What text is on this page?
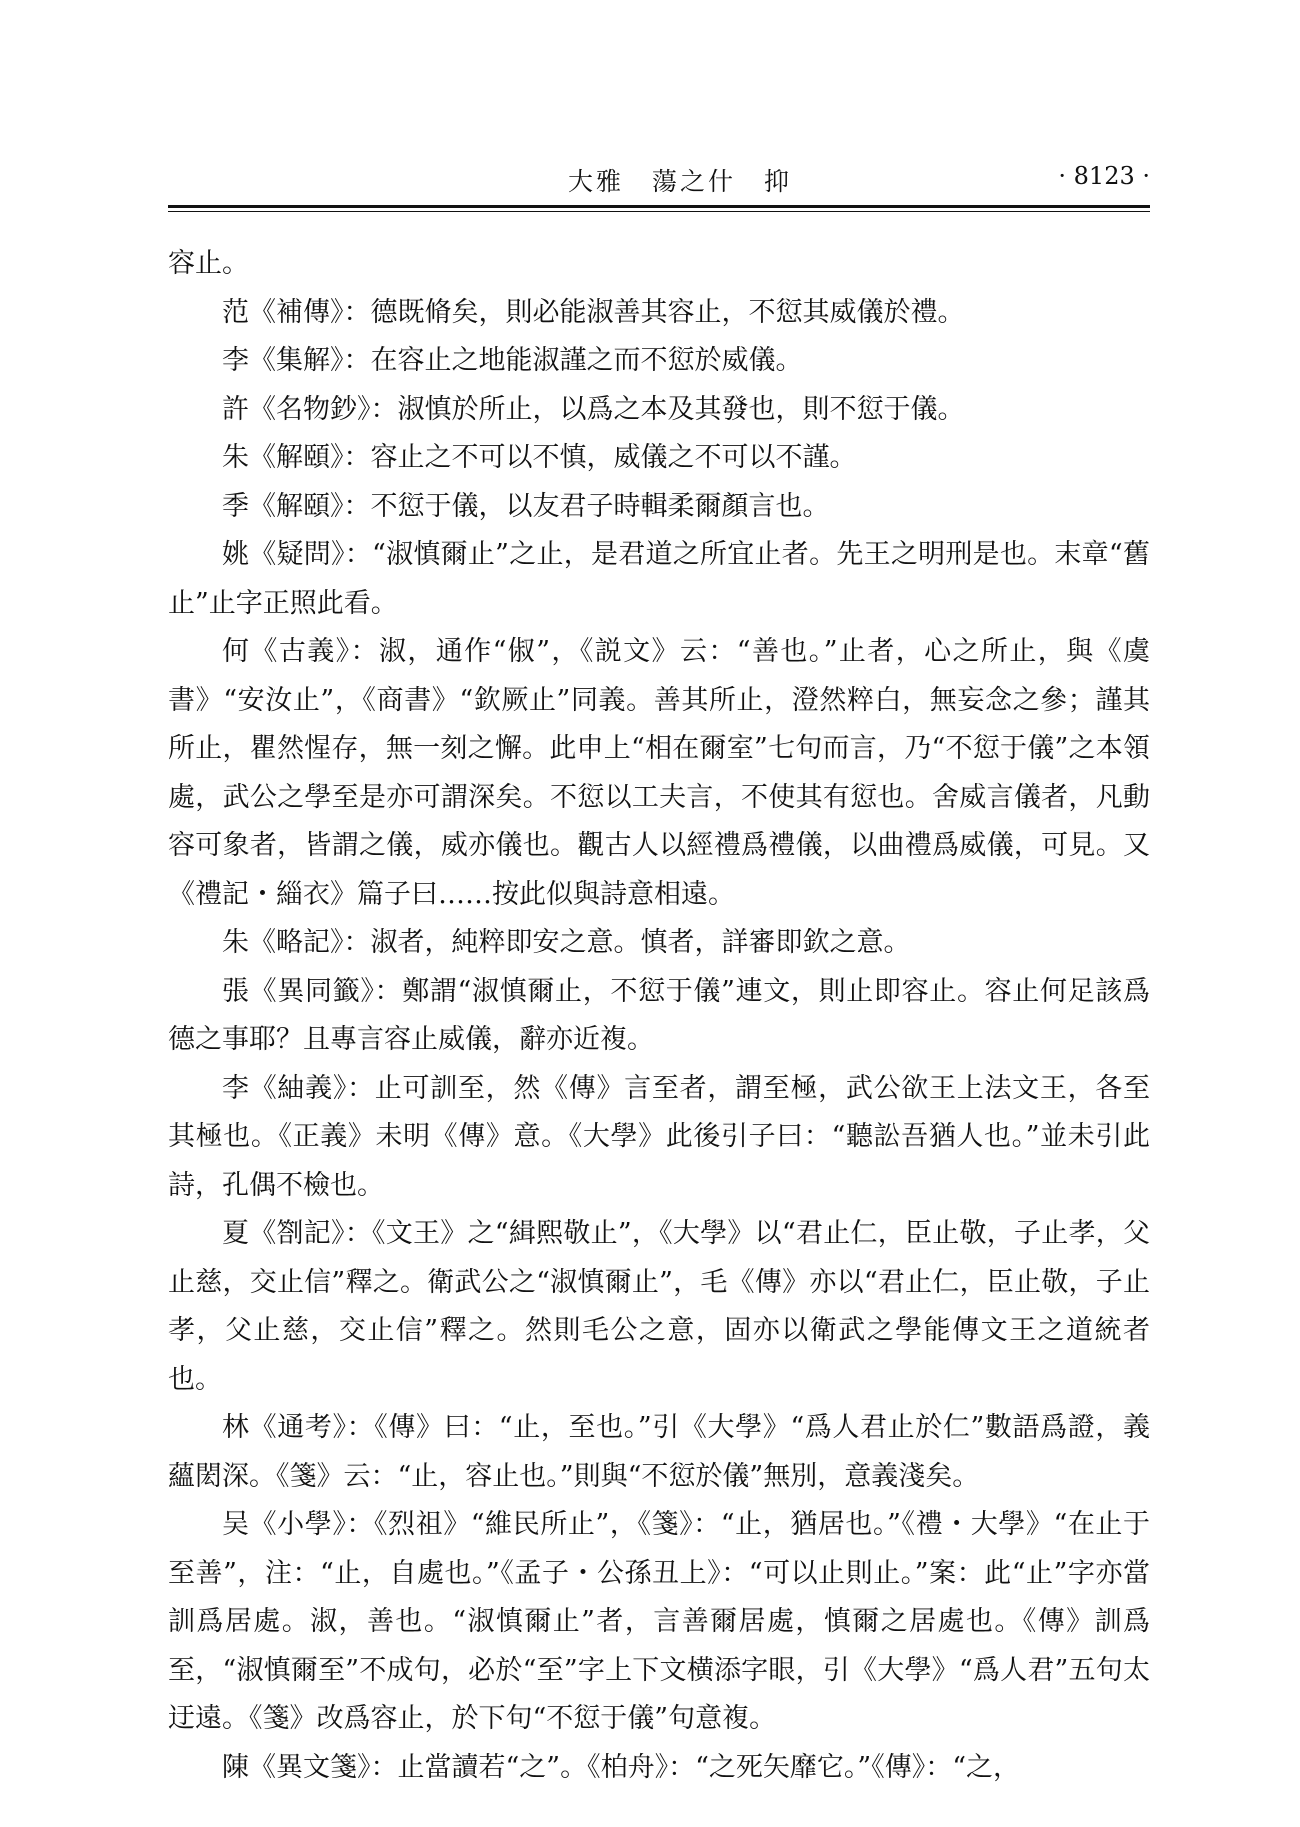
大雅　蕩之什　抑	· 8123 ·

容止。

范《補傳》：德既脩矣，則必能淑善其容止，不愆其威儀於禮。

李《集解》：在容止之地能淑謹之而不愆於威儀。

許《名物鈔》：淑慎於所止，以爲之本及其發也，則不愆于儀。

朱《解頤》：容止之不可以不慎，威儀之不可以不謹。

季《解頤》：不愆于儀，以友君子時輯柔爾顏言也。

姚《疑問》：“淑慎爾止”之止，是君道之所宜止者。先王之明刑是也。末章“舊止”止字正照此看。

何《古義》：淑，通作“俶”，《説文》云：“善也。”止者，心之所止，與《虞書》“安汝止”，《商書》“欽厥止”同義。善其所止，澄然粹白，無妄念之參；謹其所止，瞿然惺存，無一刻之懈。此申上“相在爾室”七句而言，乃“不愆于儀”之本領處，武公之學至是亦可謂深矣。不愆以工夫言，不使其有愆也。舍威言儀者，凡動容可象者，皆謂之儀，威亦儀也。觀古人以經禮爲禮儀，以曲禮爲威儀，可見。又《禮記・緇衣》篇子曰……按此似與詩意相遠。

朱《略記》：淑者，純粹即安之意。慎者，詳審即欽之意。

張《異同籤》：鄭謂“淑慎爾止，不愆于儀”連文，則止即容止。容止何足該爲德之事耶？且專言容止威儀，辭亦近複。

李《紬義》：止可訓至，然《傳》言至者，謂至極，武公欲王上法文王，各至其極也。《正義》未明《傳》意。《大學》此後引子曰：“聽訟吾猶人也。”並未引此詩，孔偶不檢也。

夏《劄記》：《文王》之“緝熙敬止”，《大學》以“君止仁，臣止敬，子止孝，父止慈，交止信”釋之。衛武公之“淑慎爾止”，毛《傳》亦以“君止仁，臣止敬，子止孝，父止慈，交止信”釋之。然則毛公之意，固亦以衛武之學能傳文王之道統者也。

林《通考》：《傳》曰：“止，至也。”引《大學》“爲人君止於仁”數語爲證，義蘊閎深。《箋》云：“止，容止也。”則與“不愆於儀”無別，意義淺矣。

吴《小學》：《烈祖》“維民所止”，《箋》：“止，猶居也。”《禮・大學》“在止于至善”，注：“止，自處也。”《孟子・公孫丑上》：“可以止則止。”案：此“止”字亦當訓爲居處。淑，善也。“淑慎爾止”者，言善爾居處，慎爾之居處也。《傳》訓爲至，“淑慎爾至”不成句，必於“至”字上下文横添字眼，引《大學》“爲人君”五句太迂遠。《箋》改爲容止，於下句“不愆于儀”句意複。

陳《異文箋》：止當讀若“之”。《柏舟》：“之死矢靡它。”《傳》：“之，
